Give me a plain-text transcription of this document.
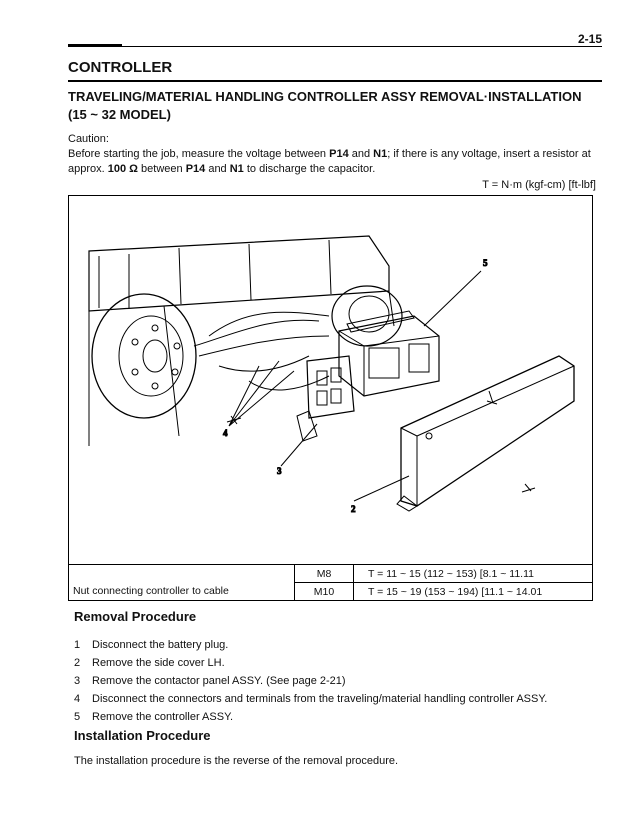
2-15
CONTROLLER
TRAVELING/MATERIAL HANDLING CONTROLLER ASSY REMOVAL·INSTALLATION (15 ~ 32 MODEL)
Caution:
Before starting the job, measure the voltage between P14 and N1; if there is any voltage, insert a resistor at approx. 100 Ω between P14 and N1 to discharge the capacitor.
T = N·m (kgf-cm) [ft-lbf]
5
4
3
2
Nut connecting controller to cable	M8	T = 11 ~ 15 (112 ~ 153) [8.1 ~ 11.11
	M10	T = 15 ~ 19 (153 ~ 194) [11.1 ~ 14.01
Removal Procedure
1	Disconnect the battery plug.
2	Remove the side cover LH.
3	Remove the contactor panel ASSY. (See page 2-21)
4	Disconnect the connectors and terminals from the traveling/material handling controller ASSY.
5	Remove the controller ASSY.
Installation Procedure
The installation procedure is the reverse of the removal procedure.
